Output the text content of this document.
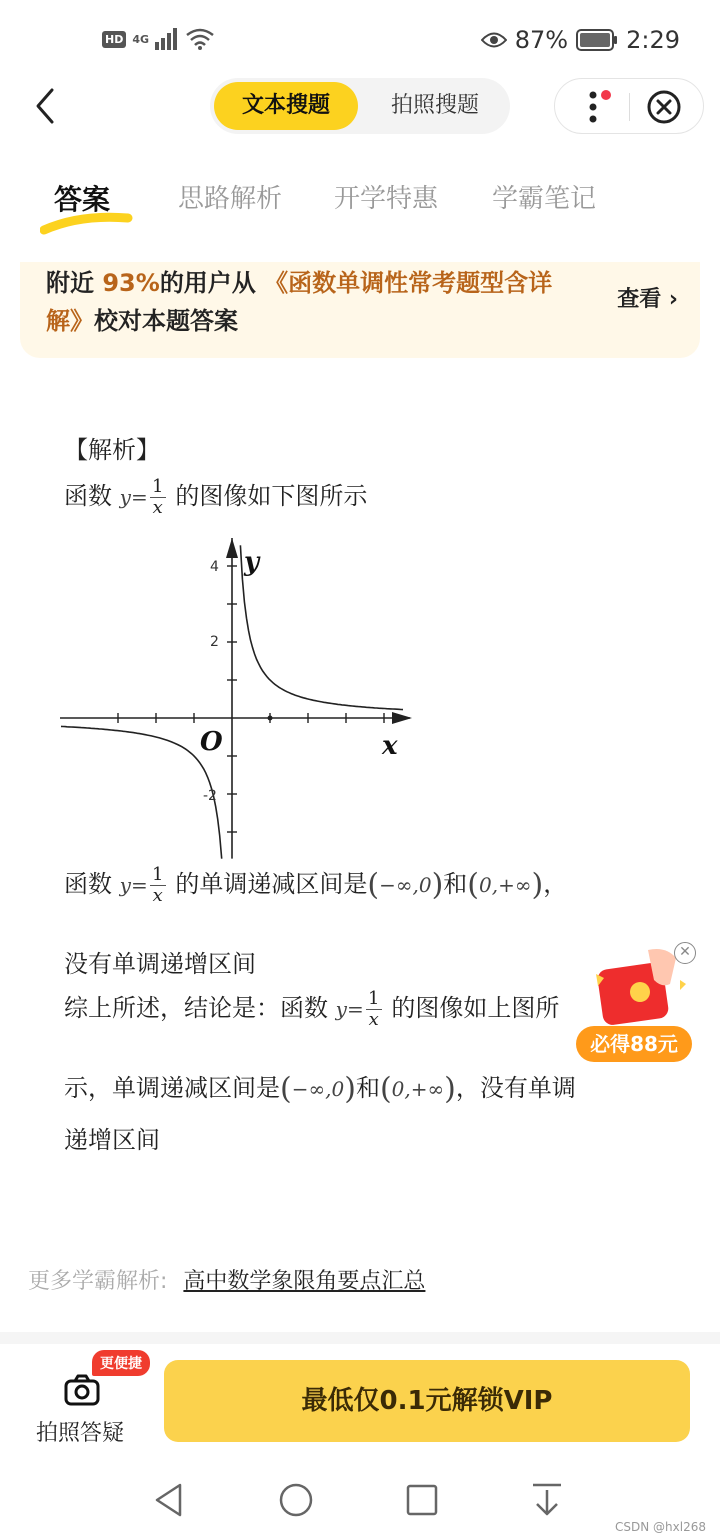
HD 4G	87% 2:29
文本搜题	拍照搜题
答案	思路解析 开学特惠 学霸笔记
附近 93%的用户从 《函数单调性常考题型含详解》校对本题答案
查看 ›
【解析】
函数 $y= \frac{1}{x}$ 的图像如下图所示
函数 $y= \frac{1}{x}$ 的单调递减区间是(−∞,0)和(0,+∞)，
没有单调递增区间
综上所述，结论是：函数 $y= \frac{1}{x}$ 的图像如上图所
示，单调递减区间是(−∞,0)和(0,+∞)，没有单调
递增区间
y
x
O
4
2
-2
✕
必得88元
更多学霸解析: 高中数学象限角要点汇总
拍照答疑
更便捷
最低仅0.1元解锁VIP
CSDN @hxl268
